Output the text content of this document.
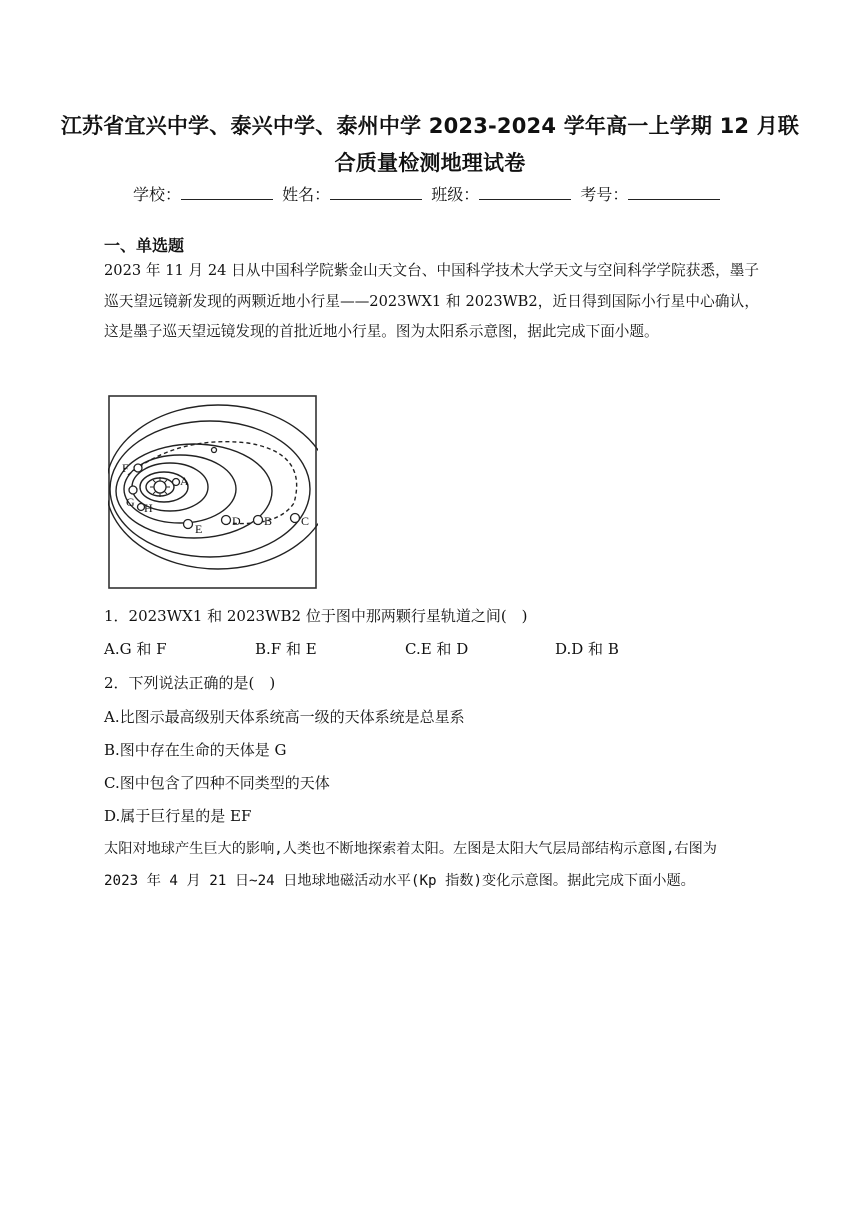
江苏省宜兴中学、泰兴中学、泰州中学 2023-2024 学年高一上学期 12 月联合质量检测地理试卷
学校：	姓名：	班级：	考号：
一、单选题
2023 年 11 月 24 日从中国科学院紫金山天文台、中国科学技术大学天文与空间科学学院获悉，墨子巡天望远镜新发现的两颗近地小行星——2023WX1 和 2023WB2，近日得到国际小行星中心确认，这是墨子巡天望远镜发现的首批近地小行星。图为太阳系示意图，据此完成下面小题。
F
A
G H
E
D B C
1．2023WX1 和 2023WB2 位于图中那两颗行星轨道之间(　)
A.G 和 F	B.F 和 E	C.E 和 D	D.D 和 B
2．下列说法正确的是(　)
A.比图示最高级别天体系统高一级的天体系统是总星系
B.图中存在生命的天体是 G
C.图中包含了四种不同类型的天体
D.属于巨行星的是 EF
太阳对地球产生巨大的影响,人类也不断地探索着太阳。左图是太阳大气层局部结构示意图,右图为 2023 年 4 月 21 日~24 日地球地磁活动水平(Kp 指数)变化示意图。据此完成下面小题。
